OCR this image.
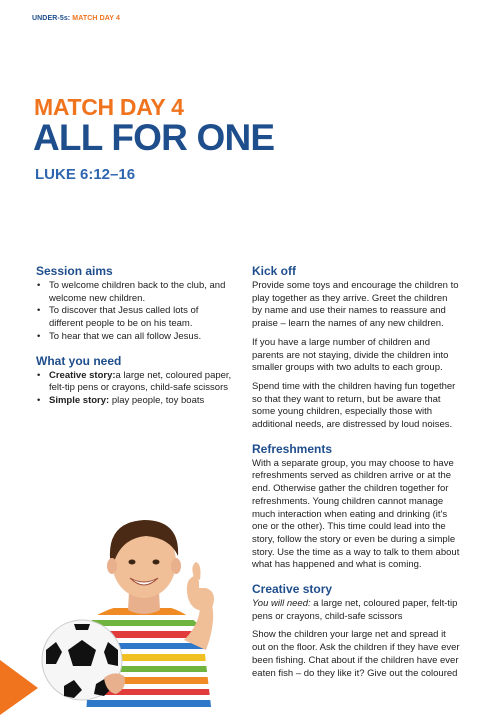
UNDER-5s: MATCH DAY 4
MATCH DAY 4
ALL FOR ONE
LUKE 6:12–16
Session aims
• To welcome children back to the club, and welcome new children.
• To discover that Jesus called lots of different people to be on his team.
• To hear that we can all follow Jesus.
What you need
• Creative story:a large net, coloured paper, felt-tip pens or crayons, child-safe scissors
• Simple story: play people, toy boats
Kick off

Provide some toys and encourage the children to play together as they arrive. Greet the children by name and use their names to reassure and praise – learn the names of any new children.

If you have a large number of children and parents are not staying, divide the children into smaller groups with two adults to each group.

Spend time with the children having fun together so that they want to return, but be aware that some young children, especially those with additional needs, are distressed by loud noises.

Refreshments

With a separate group, you may choose to have refreshments served as children arrive or at the end. Otherwise gather the children together for refreshments. Young children cannot manage much interaction when eating and drinking (it's one or the other). This time could lead into the story, follow the story or even be during a simple story. Use the time as a way to talk to them about what has happened and what is coming.

Creative story

You will need: a large net, coloured paper, felt-tip pens or crayons, child-safe scissors

Show the children your large net and spread it out on the floor. Ask the children if they have ever been fishing. Chat about if the children have ever eaten fish – do they like it? Give out the coloured
